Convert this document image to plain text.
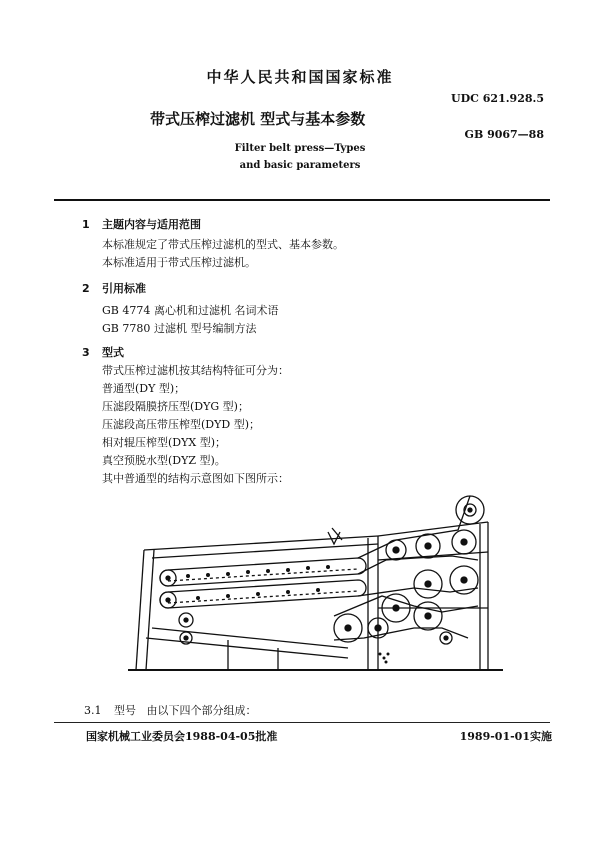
中华人民共和国国家标准
UDC 621.928.5
带式压榨过滤机 型式与基本参数
GB 9067—88
Filter belt press—Types
and basic parameters
1 主题内容与适用范围
本标准规定了带式压榨过滤机的型式、基本参数。
本标准适用于带式压榨过滤机。
2 引用标准
GB 4774 离心机和过滤机 名词术语
GB 7780 过滤机 型号编制方法
3 型式
带式压榨过滤机按其结构特征可分为：
普通型(DY 型)；
压滤段隔膜挤压型(DYG 型)；
压滤段高压带压榨型(DYD 型)；
相对辊压榨型(DYX 型)；
真空预脱水型(DYZ 型)。
其中普通型的结构示意图如下图所示：
3.1 型号 由以下四个部分组成：
国家机械工业委员会1988-04-05批准	1989-01-01实施
